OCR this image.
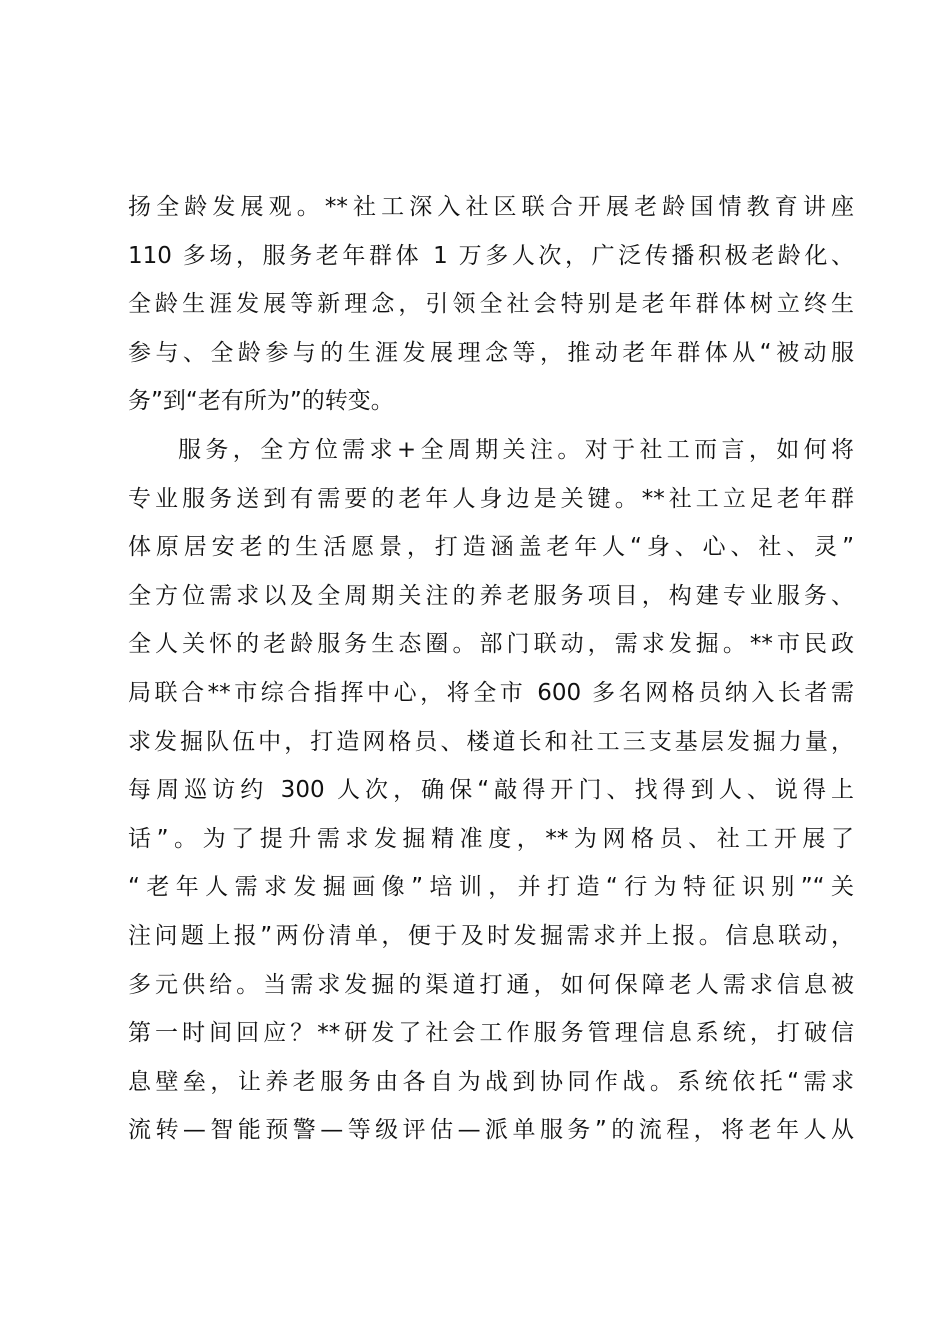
扬全龄发展观。**社工深入社区联合开展老龄国情教育讲座
110 多场，服务老年群体 1 万多人次，广泛传播积极老龄化、
全龄生涯发展等新理念，引领全社会特别是老年群体树立终生
参与、全龄参与的生涯发展理念等，推动老年群体从“被动服
务”到“老有所为”的转变。
服务，全方位需求+全周期关注。对于社工而言，如何将
专业服务送到有需要的老年人身边是关键。**社工立足老年群
体原居安老的生活愿景，打造涵盖老年人“身、心、社、灵”
全方位需求以及全周期关注的养老服务项目，构建专业服务、
全人关怀的老龄服务生态圈。部门联动，需求发掘。**市民政
局联合**市综合指挥中心，将全市 600 多名网格员纳入长者需
求发掘队伍中，打造网格员、楼道长和社工三支基层发掘力量，
每周巡访约 300 人次，确保“敲得开门、找得到人、说得上
话”。为了提升需求发掘精准度，**为网格员、社工开展了
“老年人需求发掘画像”培训，并打造“行为特征识别”“关
注问题上报”两份清单，便于及时发掘需求并上报。信息联动，
多元供给。当需求发掘的渠道打通，如何保障老人需求信息被
第一时间回应？**研发了社会工作服务管理信息系统，打破信
息壁垒，让养老服务由各自为战到协同作战。系统依托“需求
流转—智能预警—等级评估—派单服务”的流程，将老年人从
